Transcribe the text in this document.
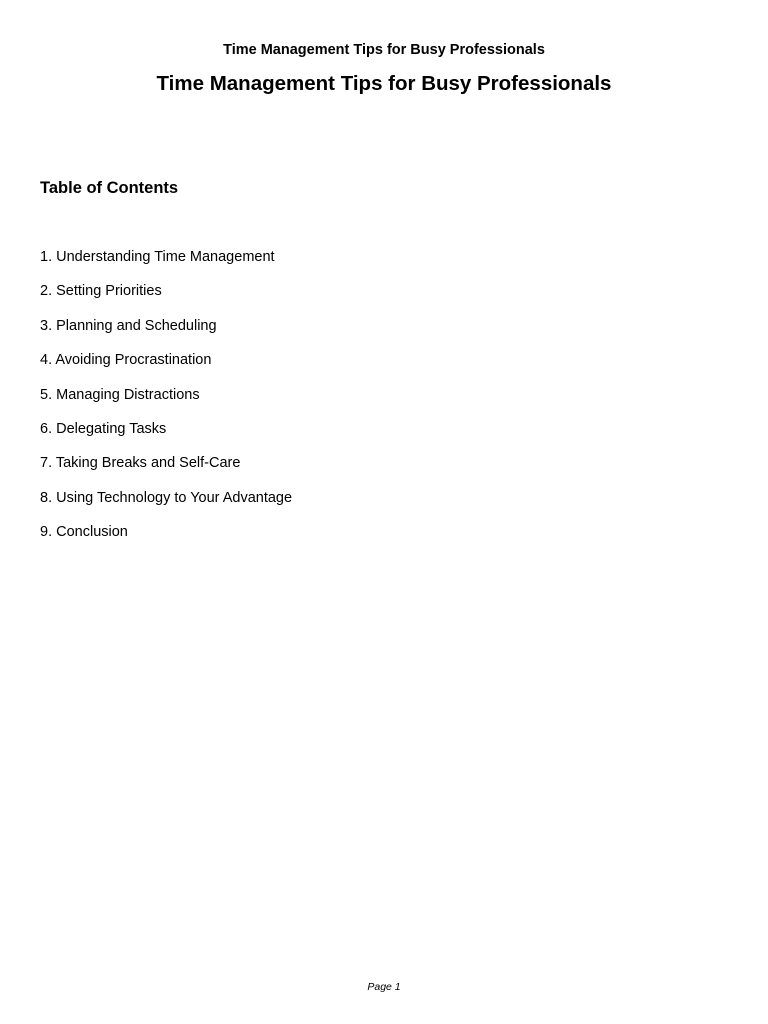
Time Management Tips for Busy Professionals
Time Management Tips for Busy Professionals
Table of Contents
1. Understanding Time Management
2. Setting Priorities
3. Planning and Scheduling
4. Avoiding Procrastination
5. Managing Distractions
6. Delegating Tasks
7. Taking Breaks and Self-Care
8. Using Technology to Your Advantage
9. Conclusion
Page 1
